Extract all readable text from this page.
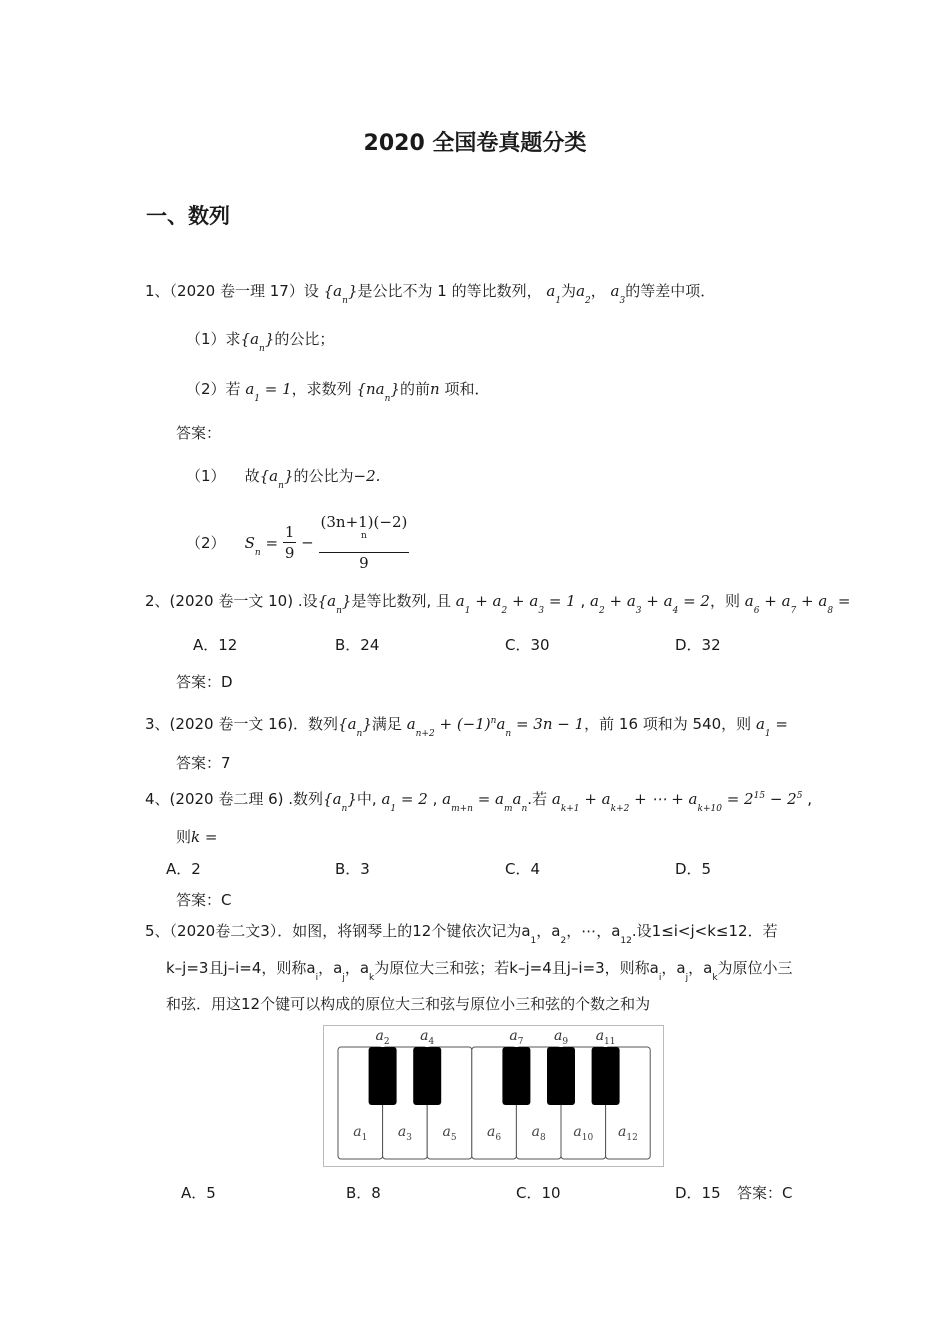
2020 全国卷真题分类
一、数列
1、（2020 卷一理 17）设 $\{a_n\}$是公比不为 1 的等比数列， $a_1$为$a_2$， $a_3$的等差中项．
（1）求$\{a_n\}$的公比；
（2）若 $a_1 = 1$，求数列 $\{na_n\}$的前n 项和．
答案：
（1） 故$\{a_n\}$的公比为−2.
（2） $S_n = \frac{1}{9} - (3n+1)(-2)$
n
9
2、(2020 卷一文 10) .设$\{a_n\}$是等比数列, 且 $a_1 + a_2 + a_3 = 1$ , $a_2 + a_3 + a_4 = 2$，则 $a_6 + a_7 + a_8$ =
A．12	B．24	C．30	D．32
答案：D
3、(2020 卷一文 16)．数列$\{a_n\}$满足 $a_{n+2} + (-1)^na_n = 3n - 1$，前 16 项和为 540，则 $a_1$ =
答案：7
4、(2020 卷二理 6) .数列$\{a_n\}$中, $a_1 = 2$ , $a_{m+n} = a_ma_n$.若 $a_{k+1} + a_{k+2}$ + ⋯ + $a_{k+10} = 2^{15} - 2^5$ ,
则k =
A．2	B．3	C．4	D．5
答案：C
5、（2020卷二文3）．如图，将钢琴上的12个键依次记为$a_1$，$a_2$，⋯，$a_{12}$.设1≤i<j<k≤12．若
k–j=3且j–i=4，则称$a_i$，$a_j$，$a_k$为原位大三和弦；若k–j=4且j–i=3，则称$a_i$，$a_j$，$a_k$为原位小三
和弦．用这12个键可以构成的原位大三和弦与原位小三和弦的个数之和为
$a_1$ $a_3$ $a_5$ $a_6$ $a_8$ $a_{10}$ $a_{12}$
$a_2$ $a_4$	$a_7$ $a_9$ $a_{11}$
A．5	B．8	C．10	D．15 答案：C
